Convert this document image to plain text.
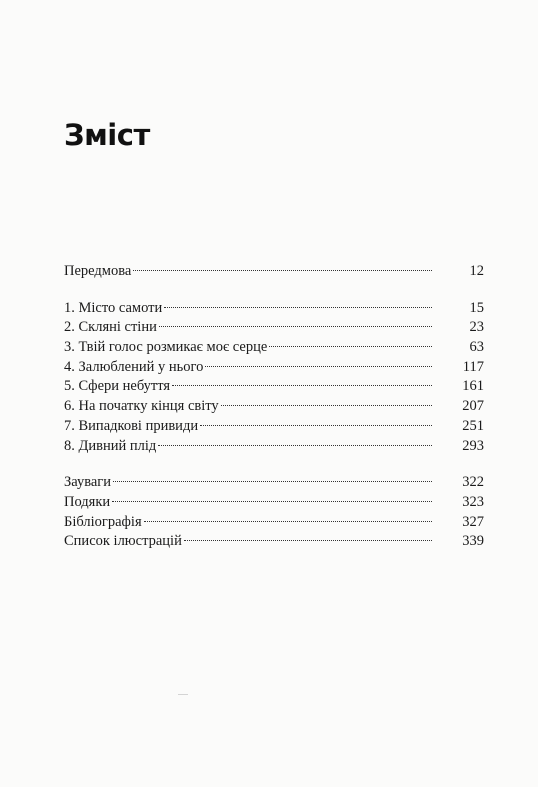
Зміст
Передмова	12
1. Місто самоти	15
2. Скляні стіни	23
3. Твій голос розмикає моє серце	63
4. Залюблений у нього	117
5. Сфери небуття	161
6. На початку кінця світу	207
7. Випадкові привиди	251
8. Дивний плід	293
Зауваги	322
Подяки	323
Бібліографія	327
Список ілюстрацій	339
